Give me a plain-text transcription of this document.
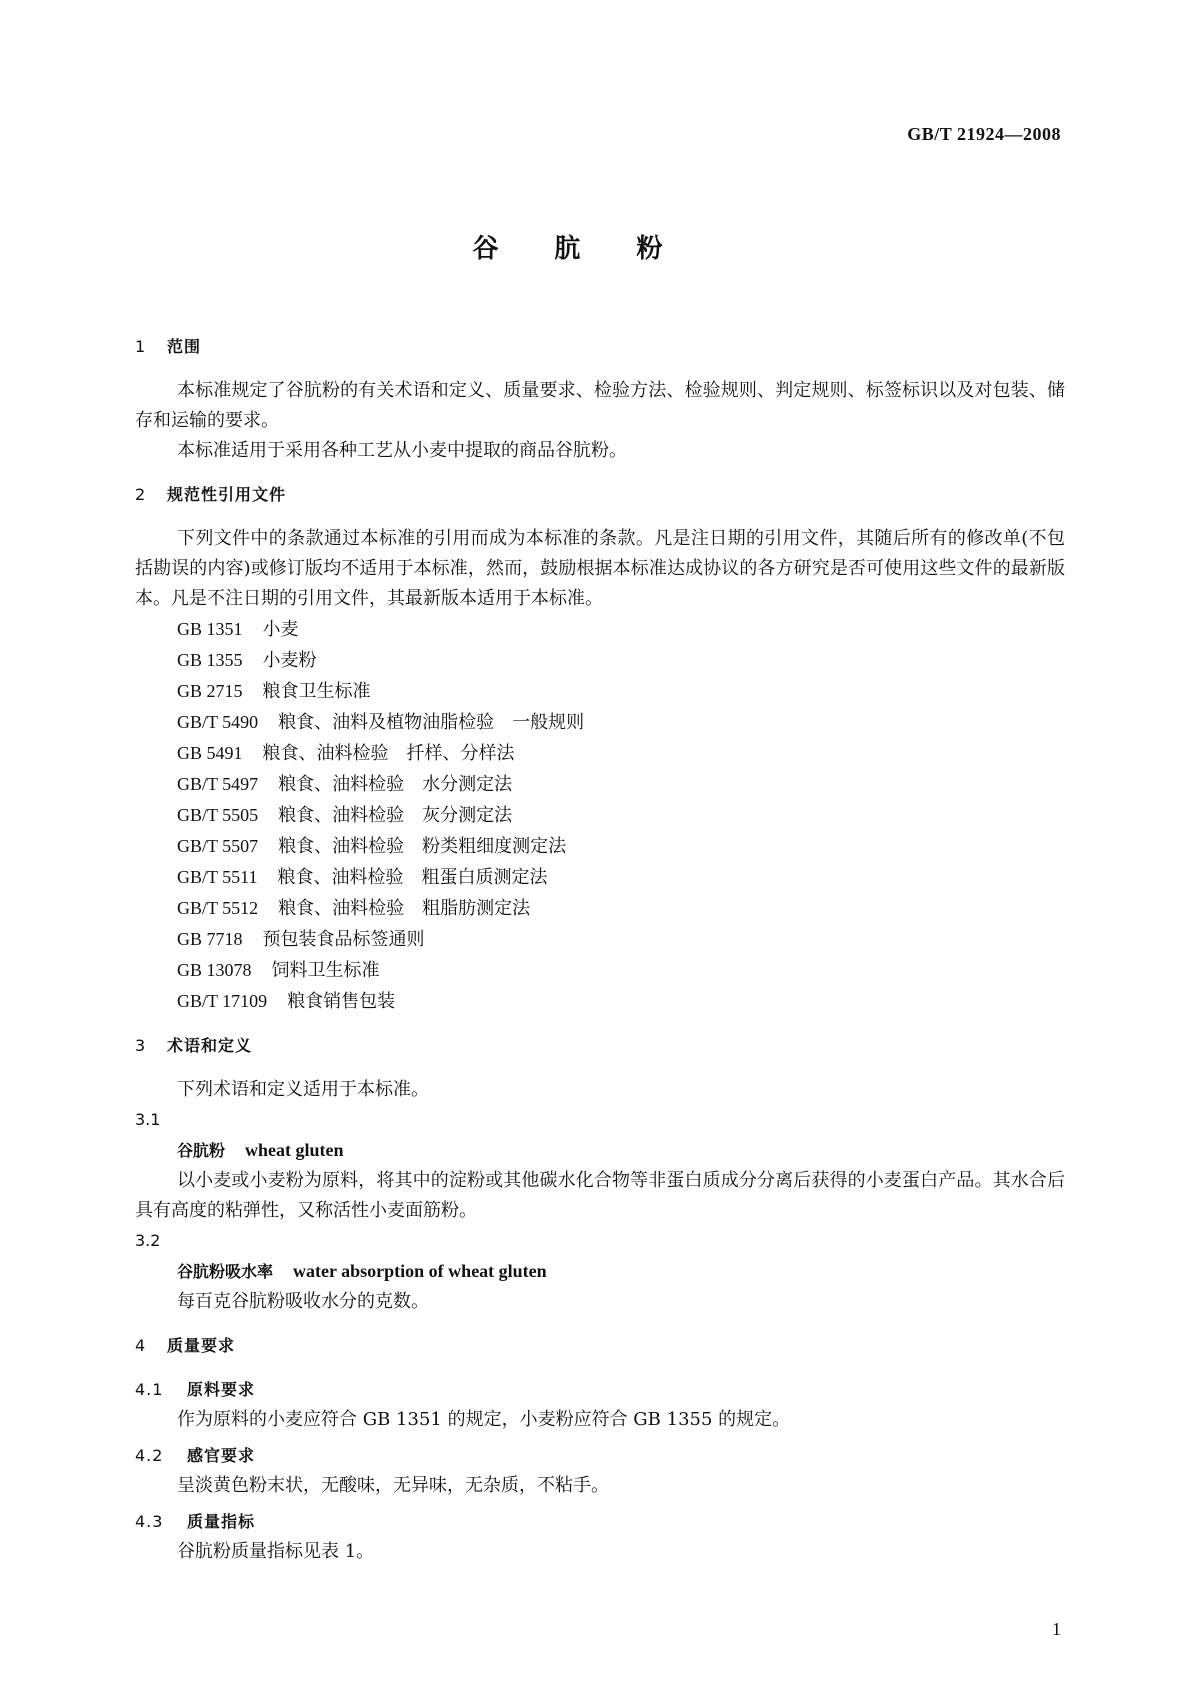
GB/T 21924—2008
谷肮粉
1 范围

本标准规定了谷肮粉的有关术语和定义、质量要求、检验方法、检验规则、判定规则、标签标识以及对包装、储存和运输的要求。

本标准适用于采用各种工艺从小麦中提取的商品谷肮粉。

2 规范性引用文件

下列文件中的条款通过本标准的引用而成为本标准的条款。凡是注日期的引用文件，其随后所有的修改单(不包括勘误的内容)或修订版均不适用于本标准，然而，鼓励根据本标准达成协议的各方研究是否可使用这些文件的最新版本。凡是不注日期的引用文件，其最新版本适用于本标准。

GB 1351 小麦
GB 1355 小麦粉
GB 2715 粮食卫生标准
GB/T 5490 粮食、油料及植物油脂检验　一般规则
GB 5491 粮食、油料检验　扦样、分样法
GB/T 5497 粮食、油料检验　水分测定法
GB/T 5505 粮食、油料检验　灰分测定法
GB/T 5507 粮食、油料检验　粉类粗细度测定法
GB/T 5511 粮食、油料检验　粗蛋白质测定法
GB/T 5512 粮食、油料检验　粗脂肪测定法
GB 7718 预包装食品标签通则
GB 13078 饲料卫生标准
GB/T 17109 粮食销售包装
3 术语和定义

下列术语和定义适用于本标准。

3.1
谷肮粉 wheat gluten

以小麦或小麦粉为原料，将其中的淀粉或其他碳水化合物等非蛋白质成分分离后获得的小麦蛋白产品。其水合后具有高度的粘弹性，又称活性小麦面筋粉。

3.2
谷肮粉吸水率 water absorption of wheat gluten

每百克谷肮粉吸收水分的克数。

4 质量要求
4.1 原料要求

作为原料的小麦应符合 GB 1351 的规定，小麦粉应符合 GB 1355 的规定。

4.2 感官要求

呈淡黄色粉末状，无酸味，无异味，无杂质，不粘手。

4.3 质量指标

谷肮粉质量指标见表 1。

1
